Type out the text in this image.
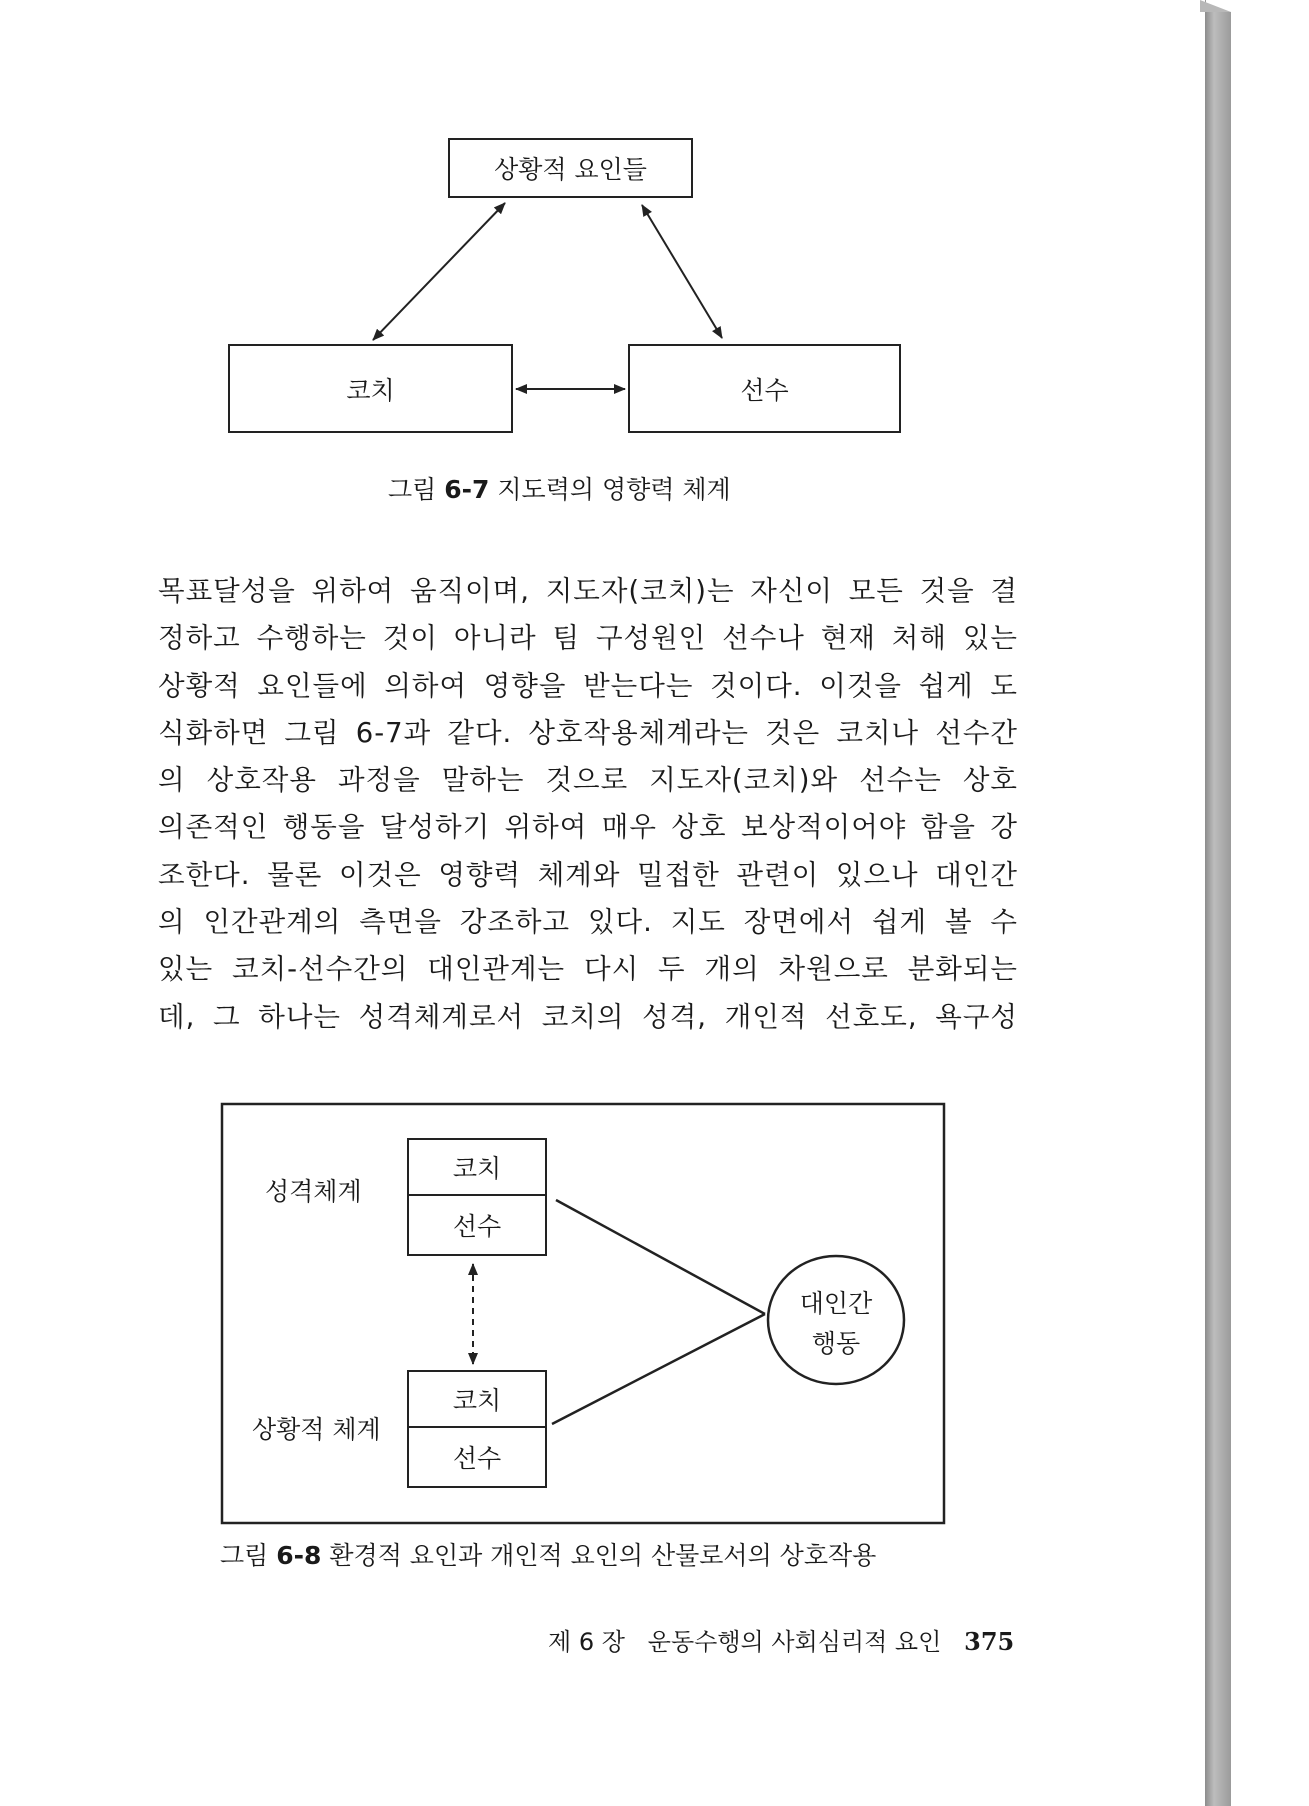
상황적 요인들
코치	선수
그림 6-7 지도력의 영향력 체계
목표달성을 위하여 움직이며, 지도자(코치)는 자신이 모든 것을 결
정하고 수행하는 것이 아니라 팀 구성원인 선수나 현재 처해 있는
상황적 요인들에 의하여 영향을 받는다는 것이다. 이것을 쉽게 도
식화하면 그림 6-7과 같다. 상호작용체계라는 것은 코치나 선수간
의 상호작용 과정을 말하는 것으로 지도자(코치)와 선수는 상호
의존적인 행동을 달성하기 위하여 매우 상호 보상적이어야 함을 강
조한다. 물론 이것은 영향력 체계와 밀접한 관련이 있으나 대인간
의 인간관계의 측면을 강조하고 있다. 지도 장면에서 쉽게 볼 수
있는 코치-선수간의 대인관계는 다시 두 개의 차원으로 분화되는
데, 그 하나는 성격체계로서 코치의 성격, 개인적 선호도, 욕구성
성격체계
상황적 체계
코치
선수
코치
선수
대인간
행동
그림 6-8 환경적 요인과 개인적 요인의 산물로서의 상호작용
제 6 장 운동수행의 사회심리적 요인 375
